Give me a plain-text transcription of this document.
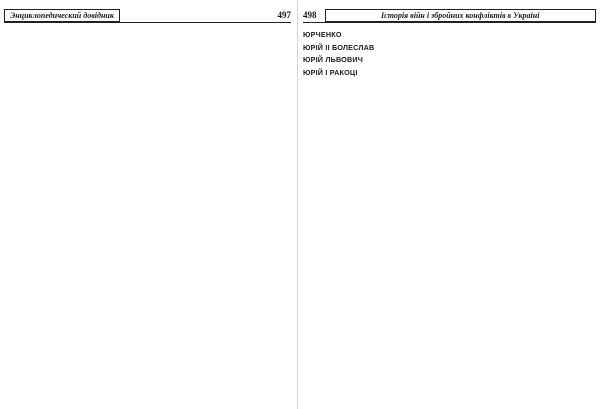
Энциклопедический довідник	497 498	Історія війн і збройних конфліктів в Україні

ЮРЧЕНКО

ЮРІЙ ІІ БОЛЕСЛАВ

ЮРІЙ ЛЬВОВИЧ

ЮРІЙ І РАКОЦІ
